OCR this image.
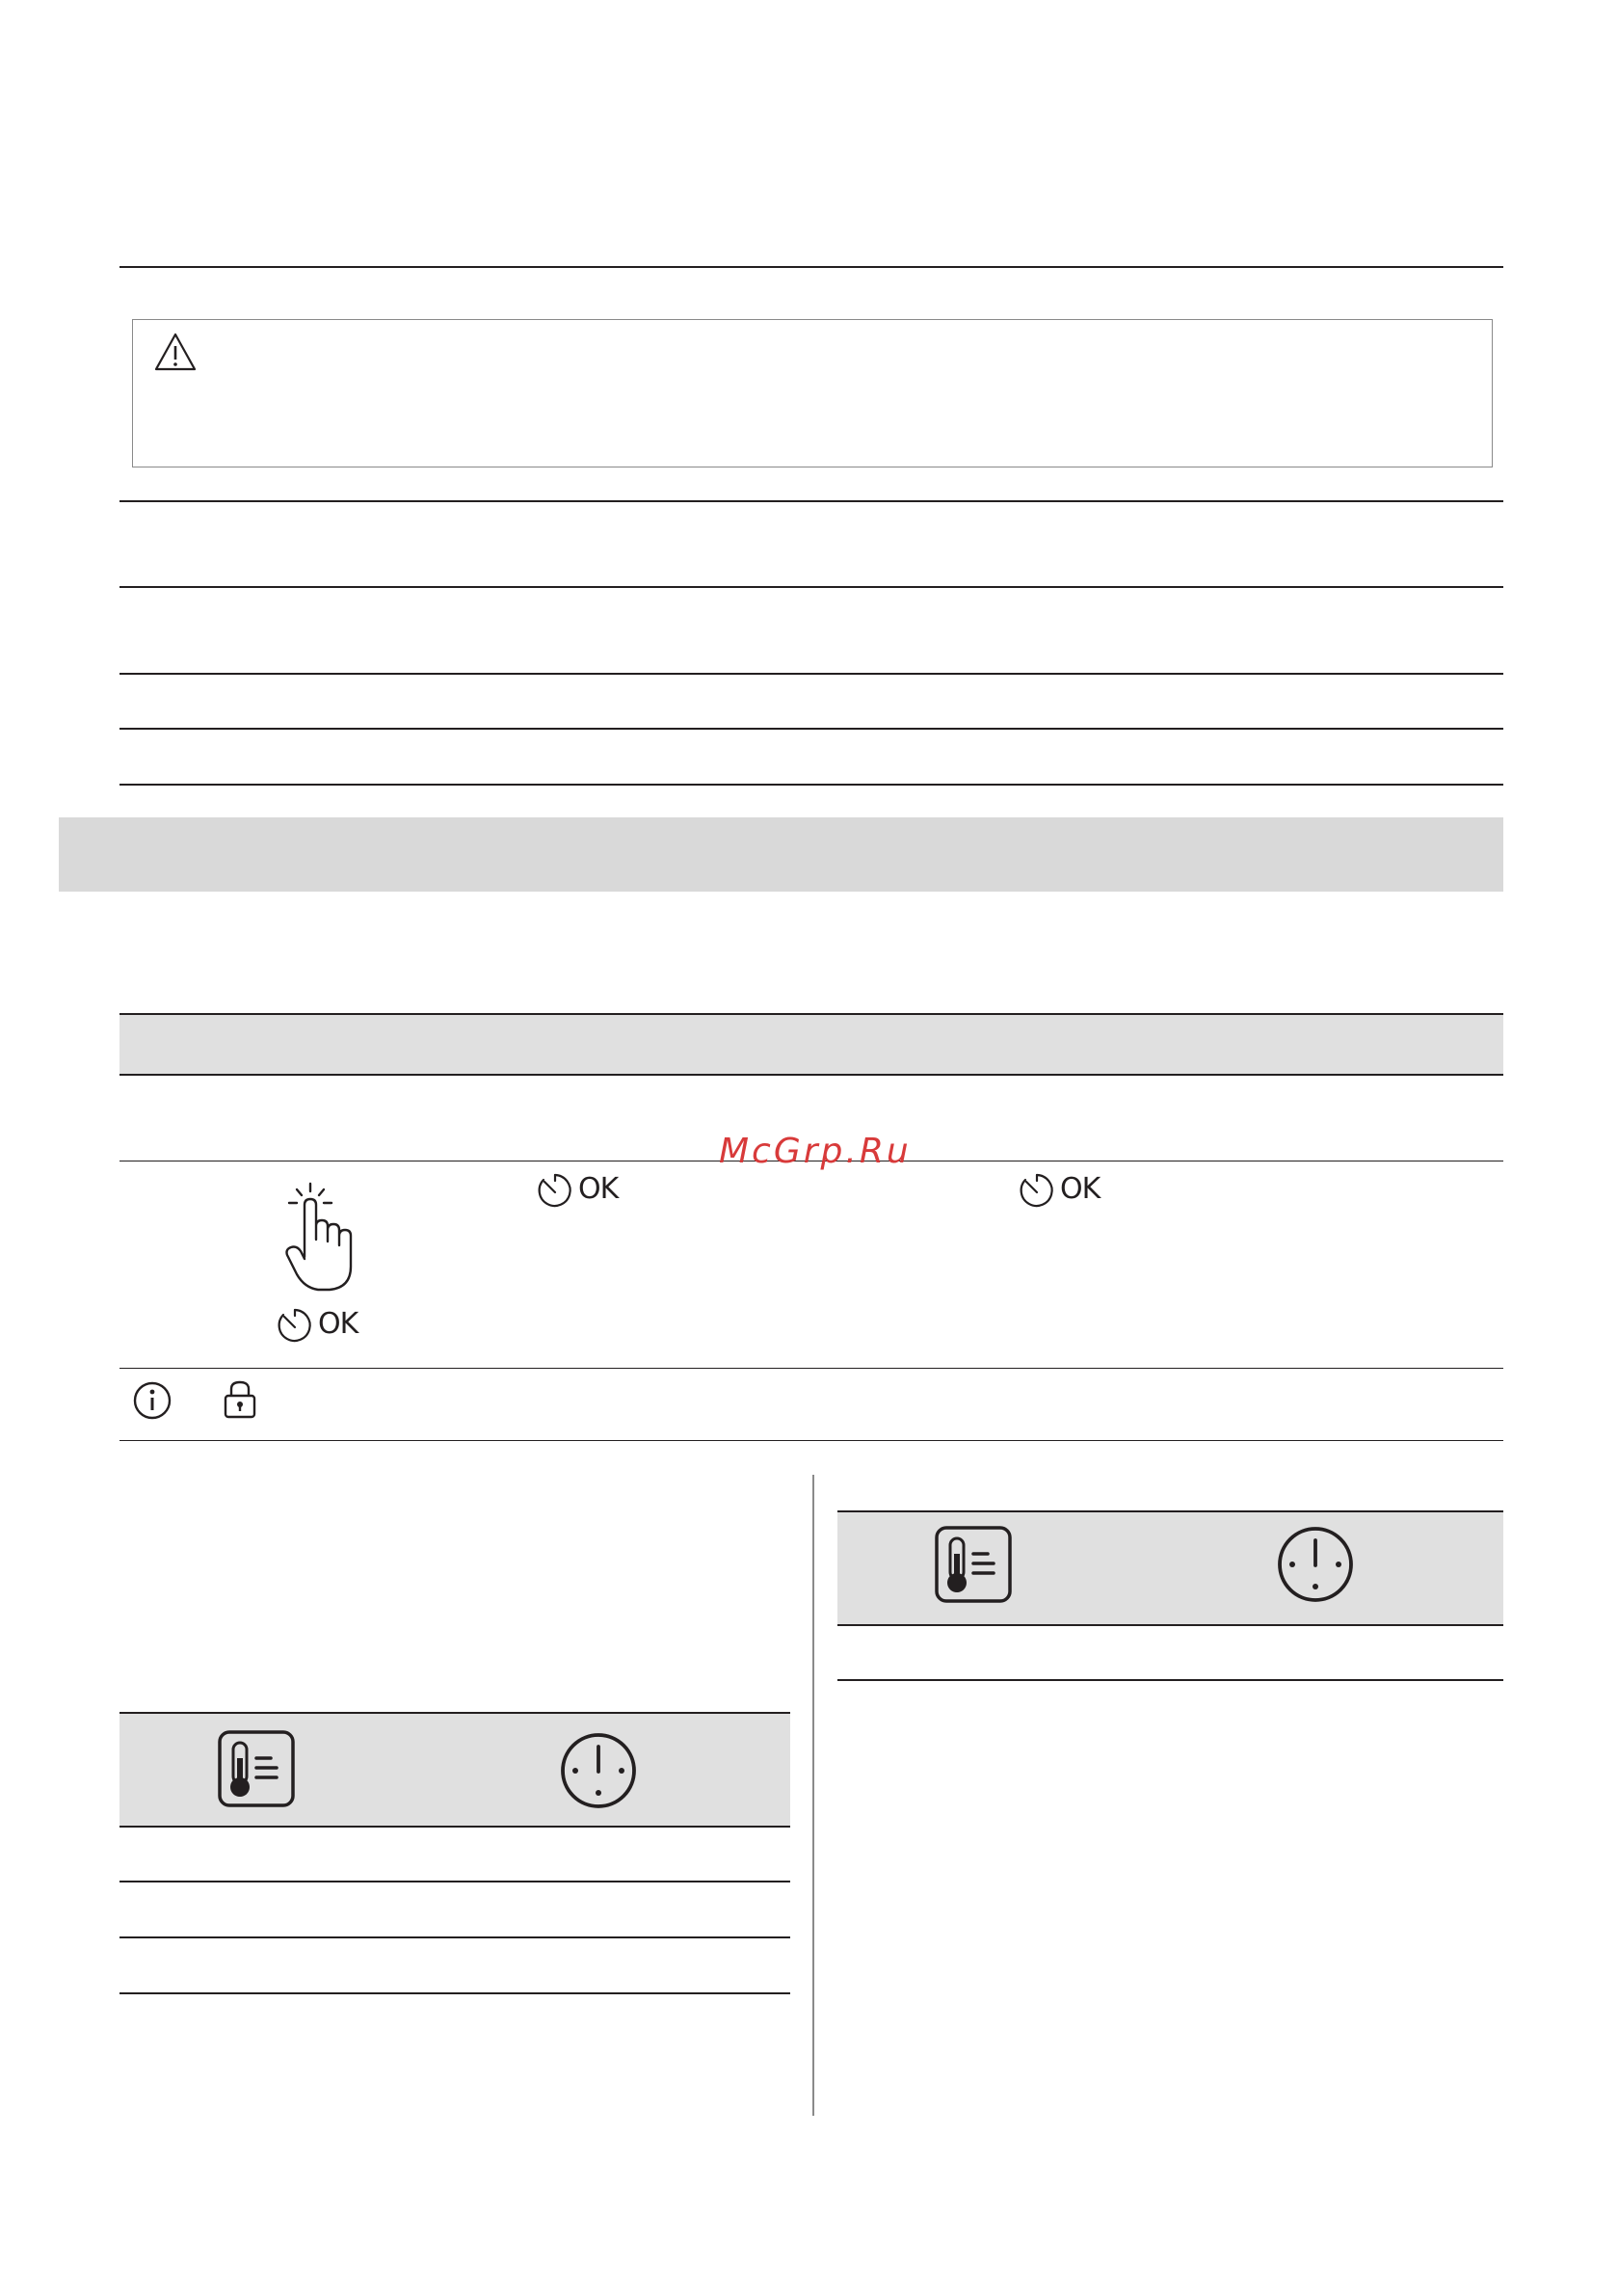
McGrp.Ru
OK
OK	OK
